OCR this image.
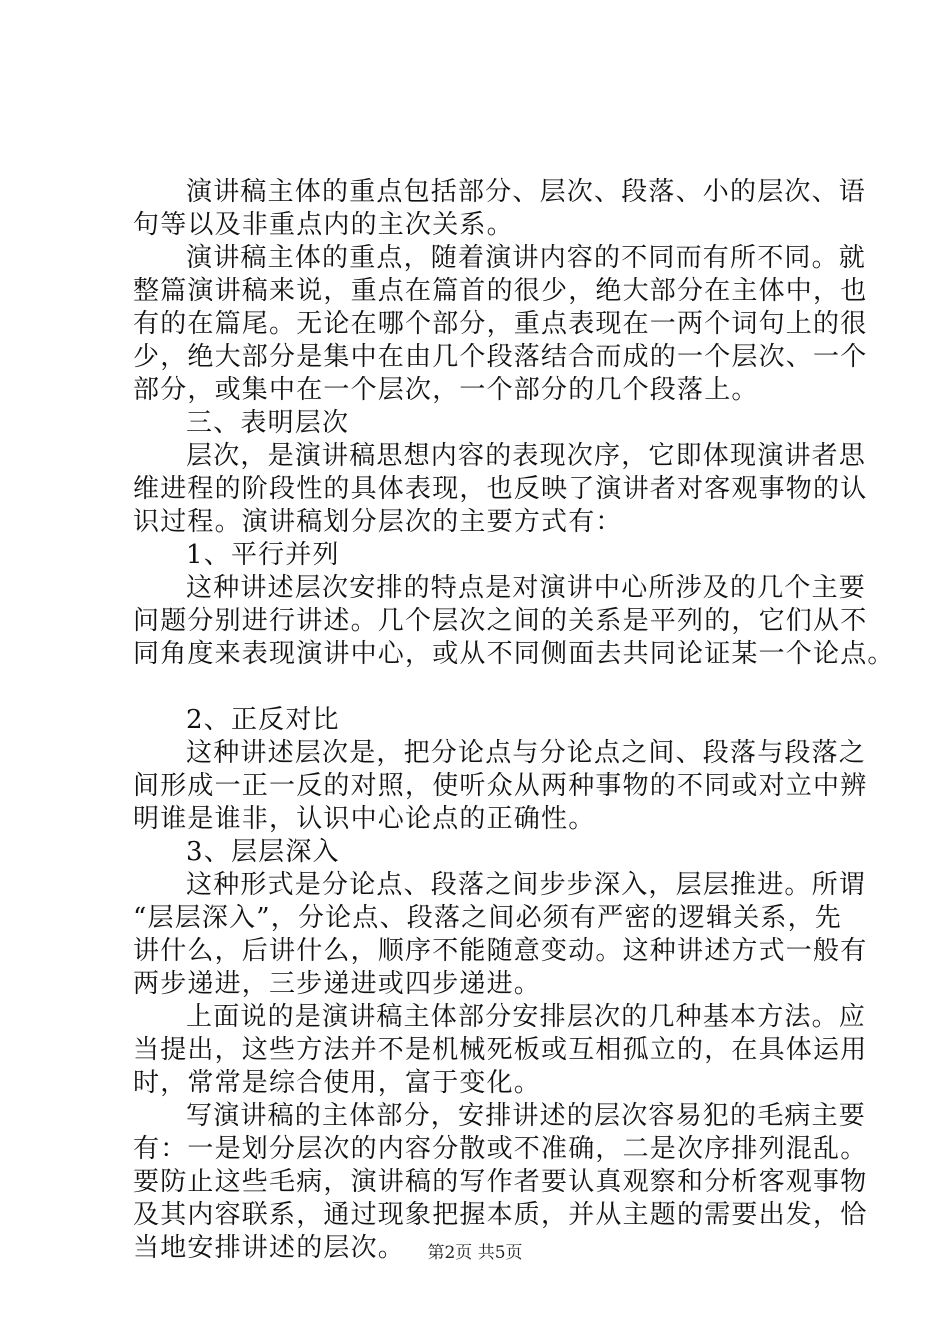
演讲稿主体的重点包括部分、层次、段落、小的层次、语
句等以及非重点内的主次关系。
演讲稿主体的重点，随着演讲内容的不同而有所不同。就
整篇演讲稿来说，重点在篇首的很少，绝大部分在主体中，也
有的在篇尾。无论在哪个部分，重点表现在一两个词句上的很
少，绝大部分是集中在由几个段落结合而成的一个层次、一个
部分，或集中在一个层次，一个部分的几个段落上。
三、表明层次
层次，是演讲稿思想内容的表现次序，它即体现演讲者思
维进程的阶段性的具体表现，也反映了演讲者对客观事物的认
识过程。演讲稿划分层次的主要方式有：
1、平行并列
这种讲述层次安排的特点是对演讲中心所涉及的几个主要
问题分别进行讲述。几个层次之间的关系是平列的，它们从不
同角度来表现演讲中心，或从不同侧面去共同论证某一个论点。
2、正反对比
这种讲述层次是，把分论点与分论点之间、段落与段落之
间形成一正一反的对照，使听众从两种事物的不同或对立中辨
明谁是谁非，认识中心论点的正确性。
3、层层深入
这种形式是分论点、段落之间步步深入，层层推进。所谓
“层层深入”，分论点、段落之间必须有严密的逻辑关系，先
讲什么，后讲什么，顺序不能随意变动。这种讲述方式一般有
两步递进，三步递进或四步递进。
上面说的是演讲稿主体部分安排层次的几种基本方法。应
当提出，这些方法并不是机械死板或互相孤立的，在具体运用
时，常常是综合使用，富于变化。
写演讲稿的主体部分，安排讲述的层次容易犯的毛病主要
有：一是划分层次的内容分散或不准确，二是次序排列混乱。
要防止这些毛病，演讲稿的写作者要认真观察和分析客观事物
及其内容联系，通过现象把握本质，并从主题的需要出发，恰
当地安排讲述的层次。	第2页 共5页
